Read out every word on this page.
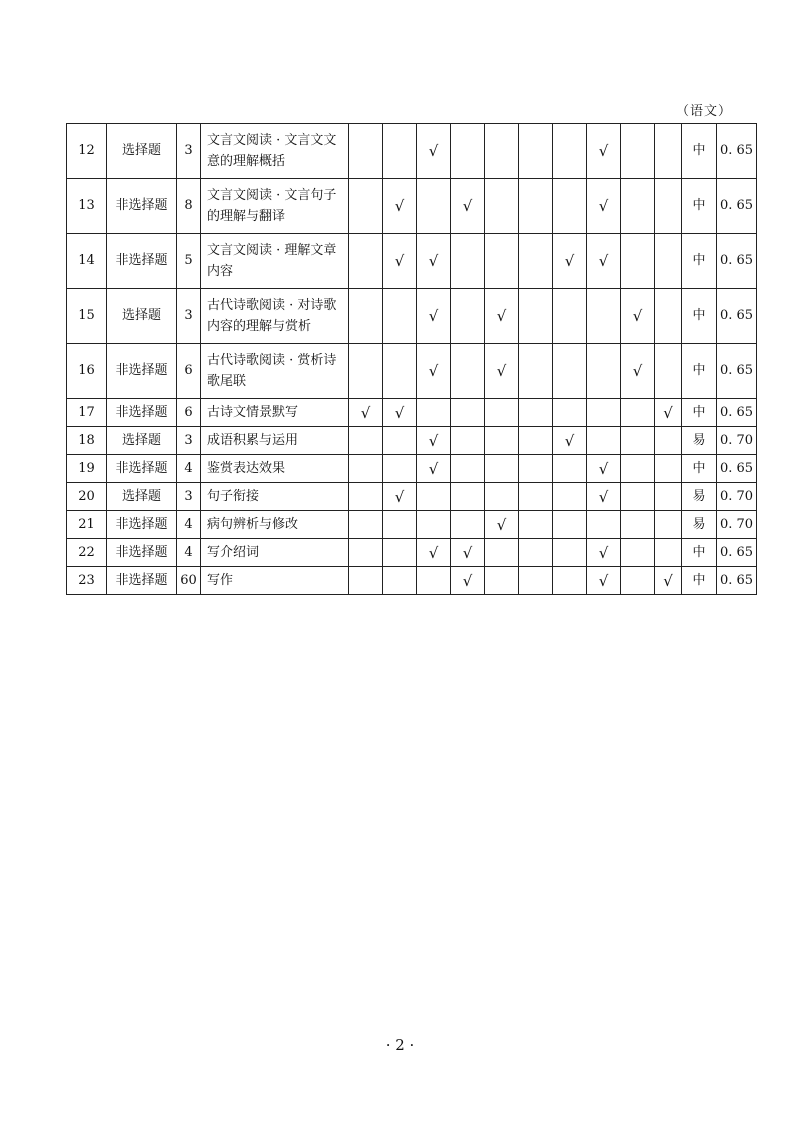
（语文）
12	选择题	3	文言文阅读 · 文言文文意的理解概括			√					√			中	0. 65
13	非选择题	8	文言文阅读 · 文言句子的理解与翻译		√		√				√			中	0. 65
14	非选择题	5	文言文阅读 · 理解文章内容		√	√				√	√			中	0. 65
15	选择题	3	古代诗歌阅读 · 对诗歌内容的理解与赏析			√		√				√		中	0. 65
16	非选择题	6	古代诗歌阅读 · 赏析诗歌尾联			√		√				√		中	0. 65
17	非选择题	6	古诗文情景默写	√	√								√	中	0. 65
18	选择题	3	成语积累与运用			√				√				易	0. 70
19	非选择题	4	鉴赏表达效果			√					√			中	0. 65
20	选择题	3	句子衔接		√						√			易	0. 70
21	非选择题	4	病句辨析与修改					√						易	0. 70
22	非选择题	4	写介绍词			√	√				√			中	0. 65
23	非选择题	60	写作				√				√		√	中	0. 65
· 2 ·
